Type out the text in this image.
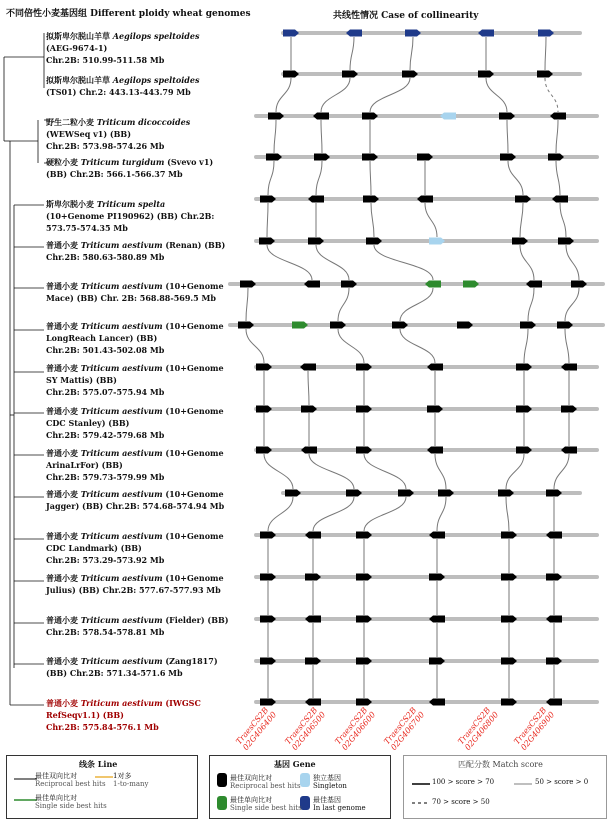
不同倍性小麦基因组 Different ploidy wheat genomes	共线性情况 Case of collinearity
拟斯卑尔脱山羊草 Aegilops speltoides
(AEG-9674-1)
Chr.2B: 510.99-511.58 Mb
拟斯卑尔脱山羊草 Aegilops speltoides
(TS01) Chr.2: 443.13-443.79 Mb
野生二粒小麦 Triticum dicoccoides
(WEWSeq v1) (BB)
Chr.2B: 573.98-574.26 Mb
硬粒小麦 Triticum turgidum (Svevo v1)
(BB) Chr.2B: 566.1-566.37 Mb
斯卑尔脱小麦 Triticum spelta
(10+Genome PI190962) (BB) Chr.2B:
573.75-574.35 Mb
普通小麦 Triticum aestivum (Renan) (BB)
Chr.2B: 580.63-580.89 Mb
普通小麦 Triticum aestivum (10+Genome
Mace) (BB) Chr. 2B: 568.88-569.5 Mb
普通小麦 Triticum aestivum (10+Genome
LongReach Lancer) (BB)
Chr.2B: 501.43-502.08 Mb
普通小麦 Triticum aestivum (10+Genome
SY Mattis) (BB)
Chr.2B: 575.07-575.94 Mb
普通小麦 Triticum aestivum (10+Genome
CDC Stanley) (BB)
Chr.2B: 579.42-579.68 Mb
普通小麦 Triticum aestivum (10+Genome
ArinaLrFor) (BB)
Chr.2B: 579.73-579.99 Mb
普通小麦 Triticum aestivum (10+Genome
Jagger) (BB) Chr.2B: 574.68-574.94 Mb
普通小麦 Triticum aestivum (10+Genome
CDC Landmark) (BB)
Chr.2B: 573.29-573.92 Mb
普通小麦 Triticum aestivum (10+Genome
Julius) (BB) Chr.2B: 577.67-577.93 Mb
普通小麦 Triticum aestivum (Fielder) (BB)
Chr.2B: 578.54-578.81 Mb
普通小麦 Triticum aestivum (Zang1817)
(BB) Chr.2B: 571.34-571.6 Mb
普通小麦 Triticum aestivum (IWGSC
RefSeqv1.1) (BB)
Chr.2B: 575.84-576.1 Mb	TraesCS2B
02G406400 TraesCS2B
02G406500 TraesCS2B
02G406600 TraesCS2B
02G406700	TraesCS2B
02G406800 TraesCS2B
02G406900
线条 Line
最佳双向比对
Reciprocal best hits
1对多
1-to-many
最佳单向比对
Single side best hits
基因 Gene
最佳双向比对
Reciprocal best hits
最佳单向比对
Single side best hits
独立基因
Singleton
最佳基因
In last genome
匹配分数 Match score
100 > score > 70	50 > score > 0
70 > score > 50
